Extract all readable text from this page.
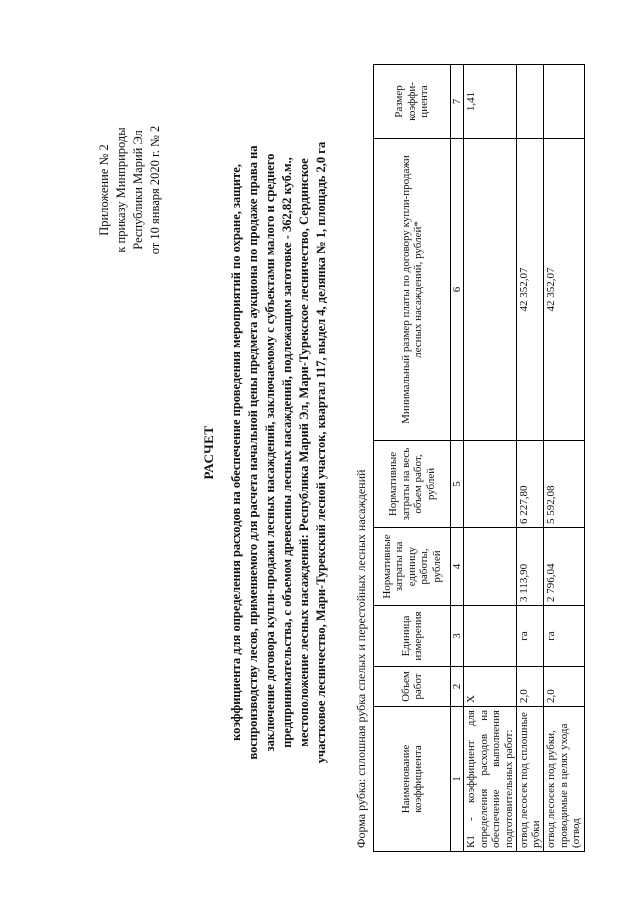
Приложение № 2 к приказу Минприроды Республики Марий Эл от 10 января 2020 г. № 2
РАСЧЕТ коэффициента для определения расходов на обеспечение проведения мероприятий по охране, защите, воспроизводству лесов, применяемого для расчета начальной цены предмета аукциона по продаже права на заключение договора купли-продажи лесных насаждений, заключаемому с субъектами малого и среднего предпринимательства, с объемом древесины лесных насаждений, подлежащим заготовке - 362,82 куб.м., местоположение лесных насаждений: Республика Марий Эл, Мари-Турекское лесничество, Сердинское участковое лесничество, Мари-Турекский лесной участок, квартал 117, выдел 4, делянка № 1, площадь 2,0 га Форма рубка: сплошная рубка спелых и перестойных лесных насаждений	Наименование коэффициента	Объем работ	Единица измерения	Нормативные затраты на единицу работы, рублей	Нормативные затраты на весь объем работ, рублей	Минимальный размер платы по договору купли-продажи лесных насаждений, рублей*	Размер коэффи-циента
1	2	3	4	5	6	7
К1 - коэффициент для определения расходов на обеспечение выполнения подготовительных работ:	X					1,41
отвод лесосек под сплошные рубки	2,0	га	3 113,90	6 227,80	42 352,07	
отвод лесосек под рубки, проводимые в целях ухода (отвод	2,0	га	2 796,04	5 592,08	42 352,07	
